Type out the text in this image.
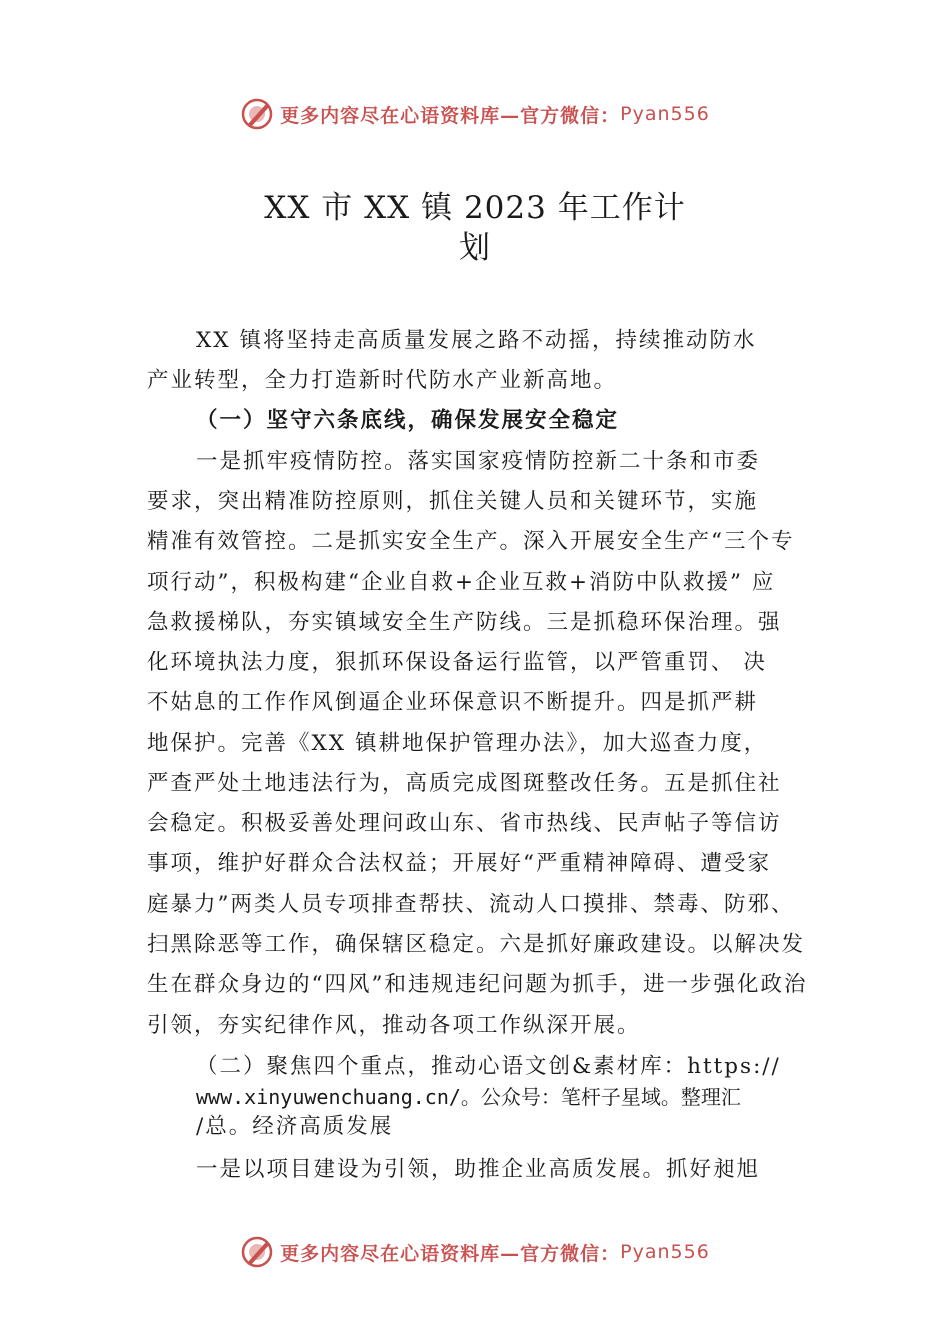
更多内容尽在心语资料库—官方微信： Pyan556
XX 市 XX 镇 2023 年工作计
划
XX 镇将坚持走高质量发展之路不动摇，持续推动防水
产业转型，全力打造新时代防水产业新高地。
（一）坚守六条底线，确保发展安全稳定
一是抓牢疫情防控。落实国家疫情防控新二十条和市委
要求，突出精准防控原则，抓住关键人员和关键环节，实施
精准有效管控。二是抓实安全生产。深入开展安全生产“三个专
项行动”，积极构建“企业自救+企业互救+消防中队救援” 应
急救援梯队，夯实镇域安全生产防线。三是抓稳环保治理。强
化环境执法力度，狠抓环保设备运行监管，以严管重罚、 决
不姑息的工作作风倒逼企业环保意识不断提升。四是抓严耕
地保护。完善《XX 镇耕地保护管理办法》，加大巡查力度，
严查严处土地违法行为，高质完成图斑整改任务。五是抓住社
会稳定。积极妥善处理问政山东、省市热线、民声帖子等信访
事项，维护好群众合法权益；开展好“严重精神障碍、遭受家
庭暴力”两类人员专项排查帮扶、流动人口摸排、禁毒、防邪、
扫黑除恶等工作，确保辖区稳定。六是抓好廉政建设。以解决发
生在群众身边的“四风”和违规违纪问题为抓手，进一步强化政治
引领，夯实纪律作风，推动各项工作纵深开展。
（二）聚焦四个重点，推动心语文创&素材库：https://
www.xinyuwenchuang.cn/。公众号：笔杆子星域。整理汇
/总。经济高质发展
一是以项目建设为引领，助推企业高质发展。抓好昶旭
更多内容尽在心语资料库—官方微信： Pyan556
